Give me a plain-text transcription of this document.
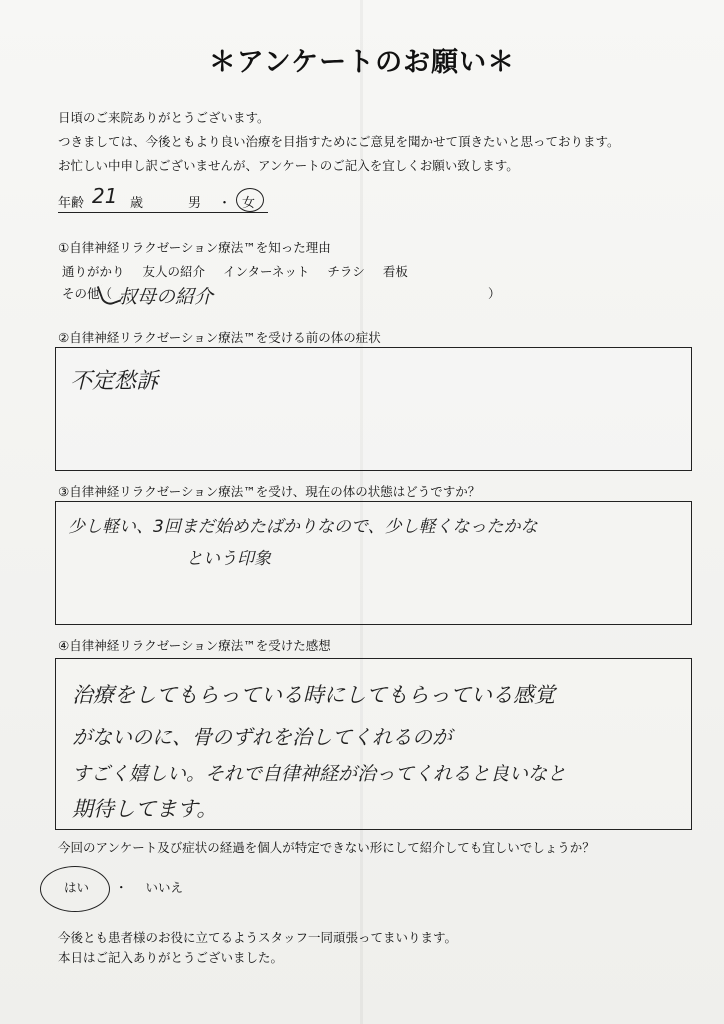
＊アンケートのお願い＊
日頃のご来院ありがとうございます。
つきましては、今後ともより良い治療を目指すためにご意見を聞かせて頂きたいと思っております。
お忙しい中申し訳ございませんが、アンケートのご記入を宜しくお願い致します。
年齢 21 歳	男 ・ 女
①自律神経リラクゼーション療法™を知った理由
通りがかり 友人の紹介 インターネット チラシ 看板
その他（ 叔母の紹介	）
②自律神経リラクゼーション療法™を受ける前の体の症状
不定愁訴
③自律神経リラクゼーション療法™を受け、現在の体の状態はどうですか？
少し軽い、3回まだ始めたばかりなので、少し軽くなったかな
という印象
④自律神経リラクゼーション療法™を受けた感想
治療をしてもらっている時にしてもらっている感覚
がないのに、骨のずれを治してくれるのが
すごく嬉しい。それで自律神経が治ってくれると良いなと
期待してます。
今回のアンケート及び症状の経過を個人が特定できない形にして紹介しても宜しいでしょうか？
はい ・ いいえ
今後とも患者様のお役に立てるようスタッフ一同頑張ってまいります。
本日はご記入ありがとうございました。
